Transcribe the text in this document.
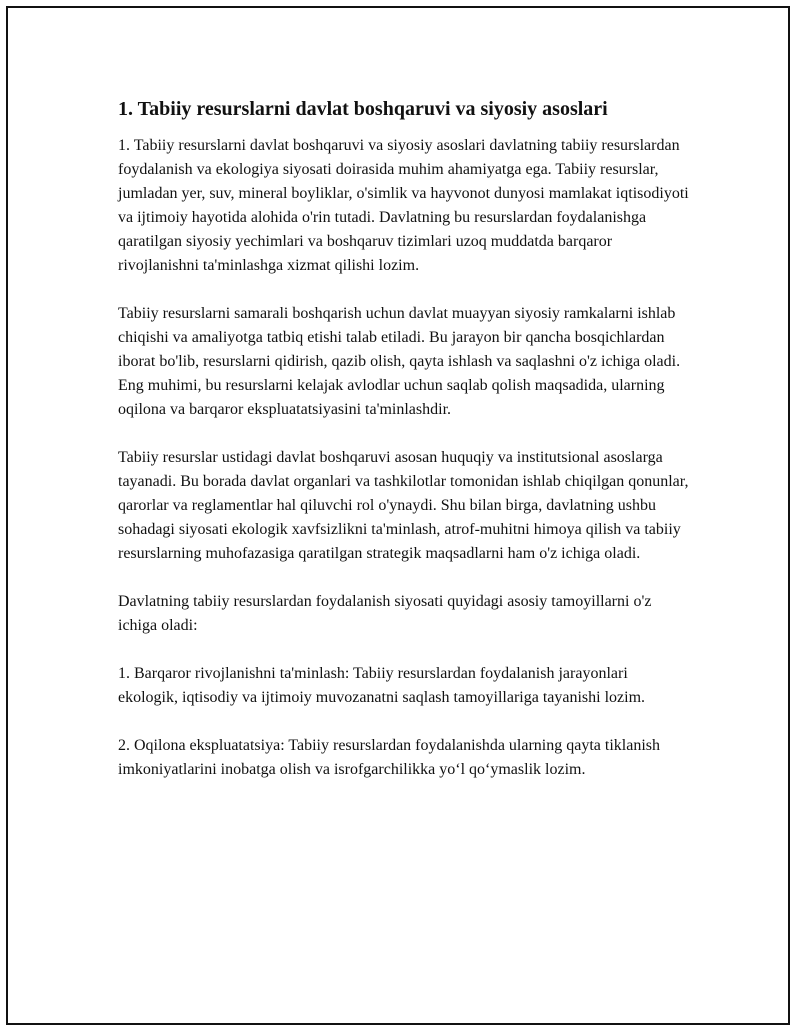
1. Tabiiy resurslarni davlat boshqaruvi va siyosiy asoslari

1. Tabiiy resurslarni davlat boshqaruvi va siyosiy asoslari davlatning tabiiy resurslardan foydalanish va ekologiya siyosati doirasida muhim ahamiyatga ega. Tabiiy resurslar, jumladan yer, suv, mineral boyliklar, o'simlik va hayvonot dunyosi mamlakat iqtisodiyoti va ijtimoiy hayotida alohida o'rin tutadi. Davlatning bu resurslardan foydalanishga qaratilgan siyosiy yechimlari va boshqaruv tizimlari uzoq muddatda barqaror rivojlanishni ta'minlashga xizmat qilishi lozim.

Tabiiy resurslarni samarali boshqarish uchun davlat muayyan siyosiy ramkalarni ishlab chiqishi va amaliyotga tatbiq etishi talab etiladi. Bu jarayon bir qancha bosqichlardan iborat bo'lib, resurslarni qidirish, qazib olish, qayta ishlash va saqlashni o'z ichiga oladi. Eng muhimi, bu resurslarni kelajak avlodlar uchun saqlab qolish maqsadida, ularning oqilona va barqaror ekspluatatsiyasini ta'minlashdir.

Tabiiy resurslar ustidagi davlat boshqaruvi asosan huquqiy va institutsional asoslarga tayanadi. Bu borada davlat organlari va tashkilotlar tomonidan ishlab chiqilgan qonunlar, qarorlar va reglamentlar hal qiluvchi rol o'ynaydi. Shu bilan birga, davlatning ushbu sohadagi siyosati ekologik xavfsizlikni ta'minlash, atrof-muhitni himoya qilish va tabiiy resurslarning muhofazasiga qaratilgan strategik maqsadlarni ham o'z ichiga oladi.

Davlatning tabiiy resurslardan foydalanish siyosati quyidagi asosiy tamoyillarni o'z ichiga oladi:

1. Barqaror rivojlanishni ta'minlash: Tabiiy resurslardan foydalanish jarayonlari ekologik, iqtisodiy va ijtimoiy muvozanatni saqlash tamoyillariga tayanishi lozim.

2. Oqilona ekspluatatsiya: Tabiiy resurslardan foydalanishda ularning qayta tiklanish imkoniyatlarini inobatga olish va isrofgarchilikka yo‘l qo‘ymaslik lozim.
